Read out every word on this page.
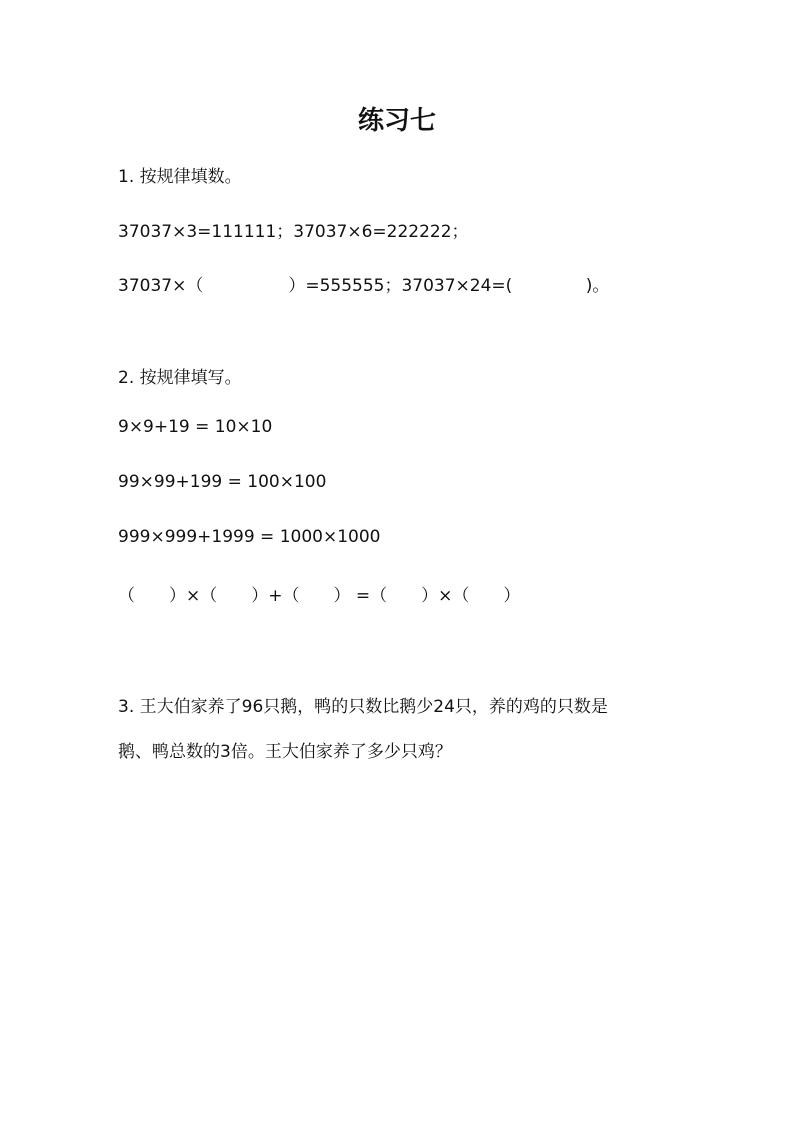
练习七
1. 按规律填数。
37037×3=111111；37037×6=222222；
37037×（　　　　　）=555555；37037×24=(　　　　 )。
2. 按规律填写。
9×9+19 = 10×10
99×99+199 = 100×100
999×999+1999 = 1000×1000
（　　）×（　　）+（　　） =（　　）×（　　）
3. 王大伯家养了96只鹅，鸭的只数比鹅少24只，养的鸡的只数是
鹅、鸭总数的3倍。王大伯家养了多少只鸡？
